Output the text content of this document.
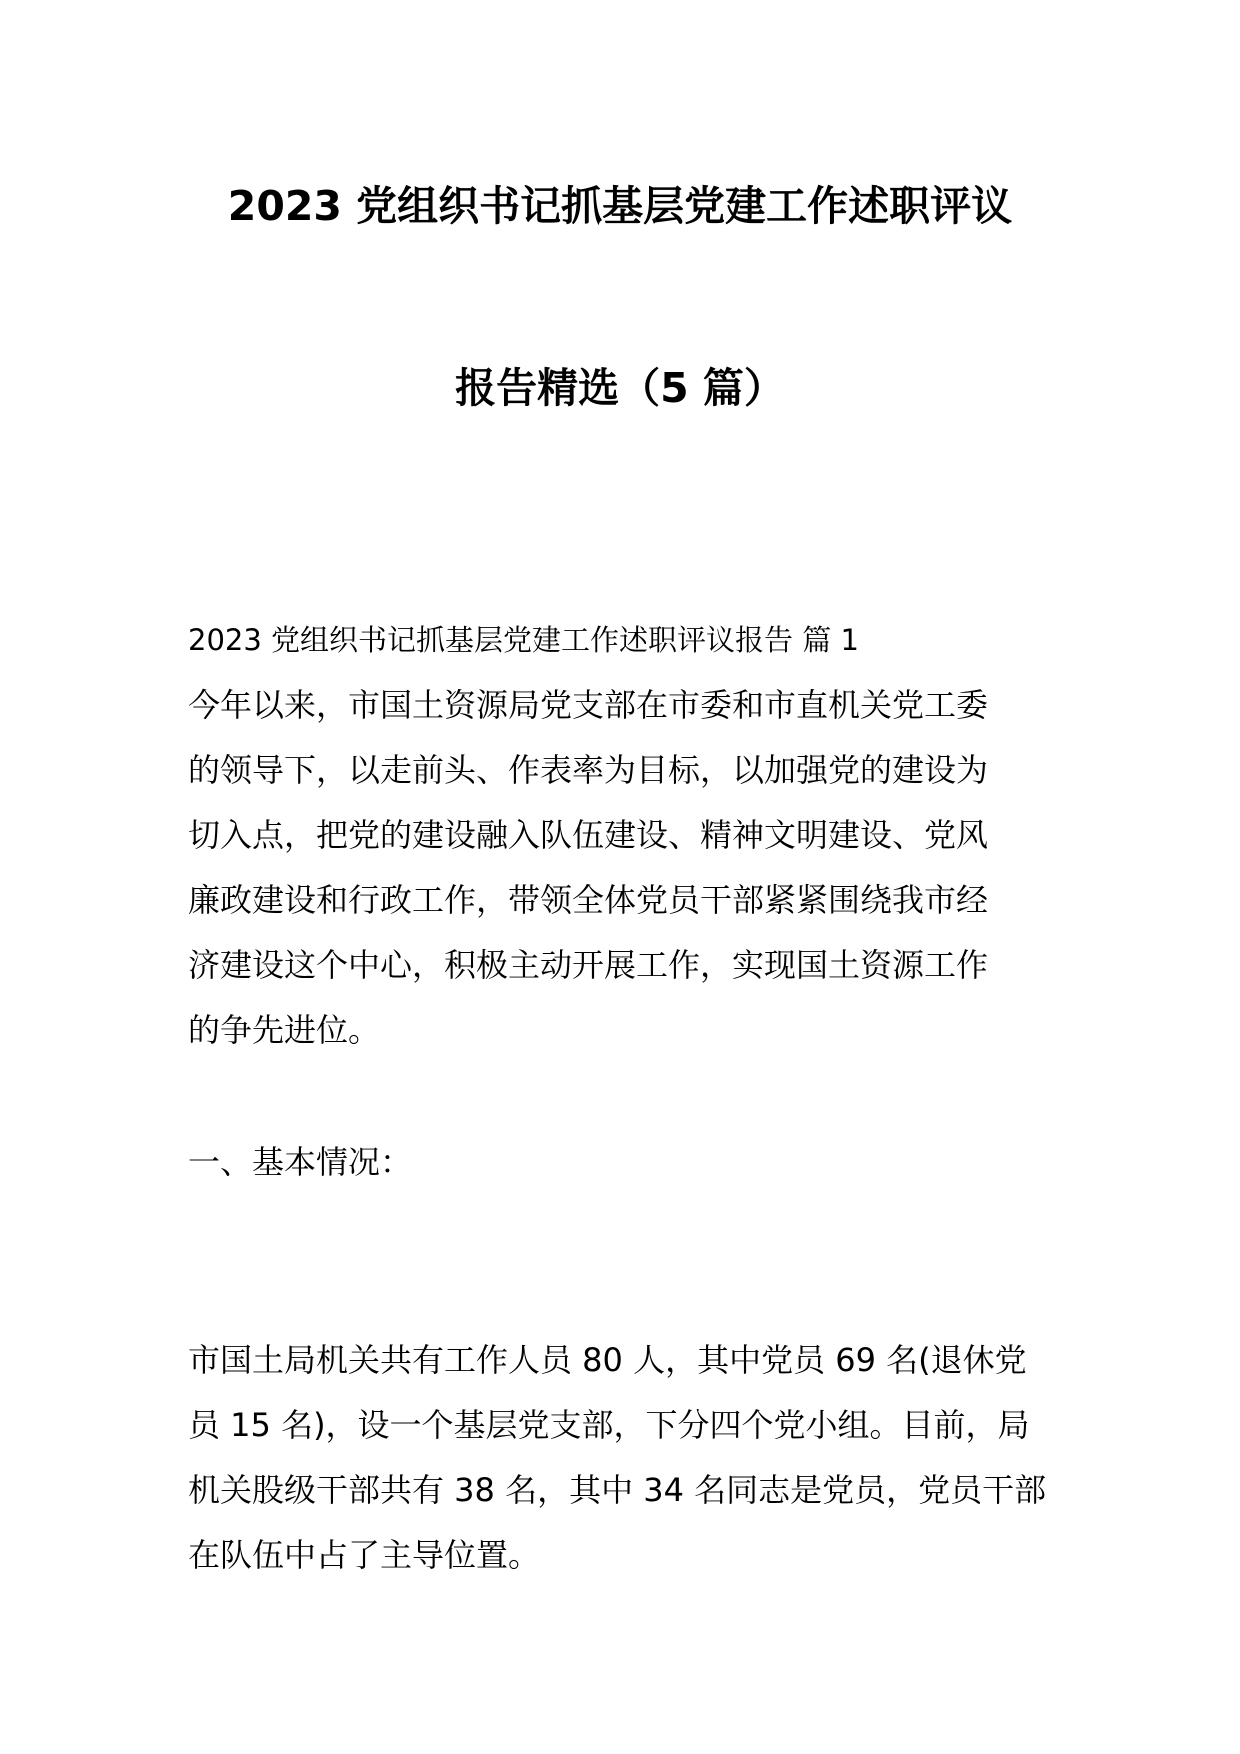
2023 党组织书记抓基层党建工作述职评议
报告精选（5 篇）
2023 党组织书记抓基层党建工作述职评议报告 篇 1
今年以来，市国土资源局党支部在市委和市直机关党工委
的领导下，以走前头、作表率为目标，以加强党的建设为
切入点，把党的建设融入队伍建设、精神文明建设、党风
廉政建设和行政工作，带领全体党员干部紧紧围绕我市经
济建设这个中心，积极主动开展工作，实现国土资源工作
的争先进位。
一、基本情况：
市国土局机关共有工作人员 80 人，其中党员 69 名(退休党
员 15 名)，设一个基层党支部，下分四个党小组。目前，局
机关股级干部共有 38 名，其中 34 名同志是党员，党员干部
在队伍中占了主导位置。
